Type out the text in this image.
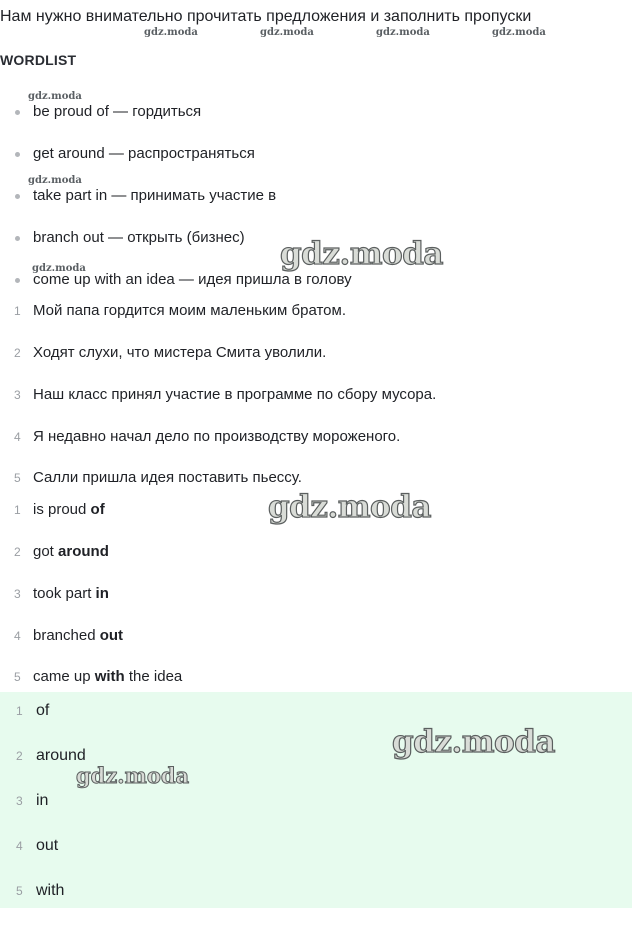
Нам нужно внимательно прочитать предложения и заполнить пропуски
gdz.moda	gdz.moda	gdz.moda	gdz.moda
gdz.moda
gdz.moda
gdz.moda
WORDLIST
be proud of — гордиться
get around — распространяться
take part in — принимать участие в
branch out — открыть (бизнес)
come up with an idea — идея пришла в голову
1 Мой папа гордится моим маленьким братом.
2 Ходят слухи, что мистера Смита уволили.
3 Наш класс принял участие в программе по сбору мусора.
4 Я недавно начал дело по производству мороженого.
5 Салли пришла идея поставить пьессу.
1 is proud of
2 got around
3 took part in
4 branched out
5 came up with the idea
1 of
2 around
3 in
4 out
5 with
gdz.moda
gdz.moda
gdz.moda
gdz.moda
